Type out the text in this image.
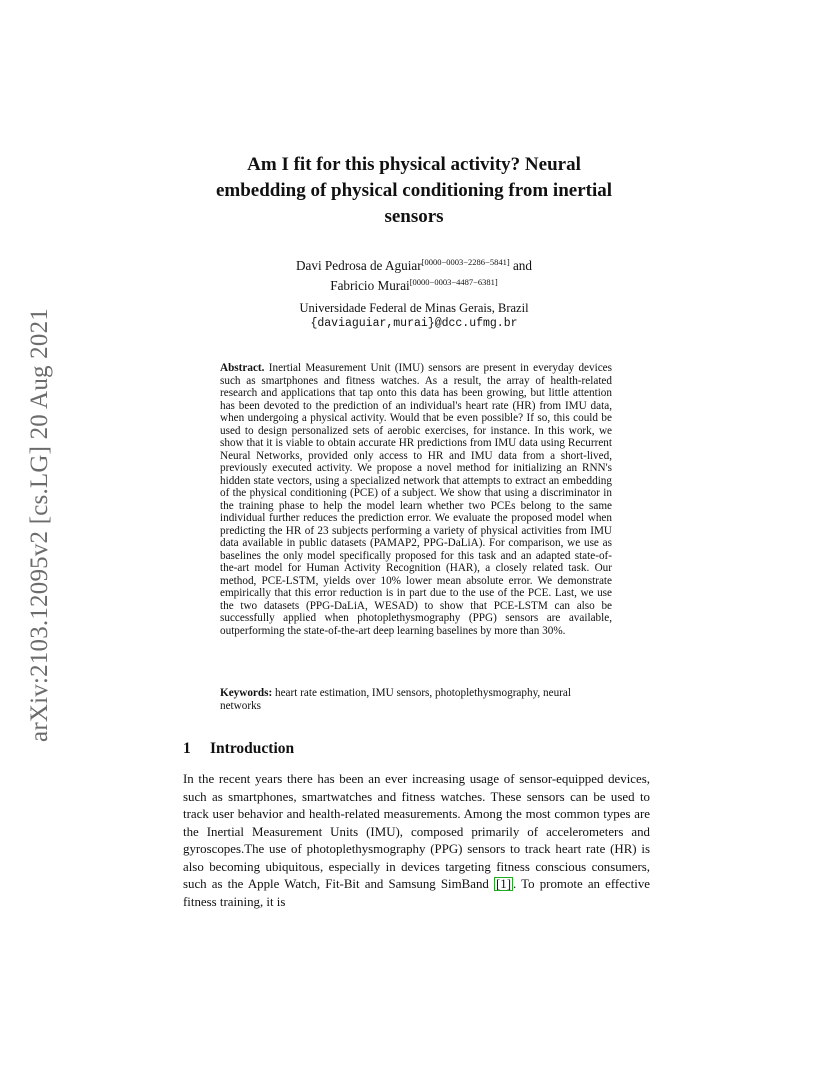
arXiv:2103.12095v2 [cs.LG] 20 Aug 2021
Am I fit for this physical activity? Neural
embedding of physical conditioning from inertial
sensors
Davi Pedrosa de Aguiar[0000−0003−2286−5841] and
Fabricio Murai[0000−0003−4487−6381]
Universidade Federal de Minas Gerais, Brazil
{daviaguiar,murai}@dcc.ufmg.br
Abstract. Inertial Measurement Unit (IMU) sensors are present in everyday devices such as smartphones and fitness watches. As a result, the array of health-related research and applications that tap onto this data has been growing, but little attention has been devoted to the prediction of an individual's heart rate (HR) from IMU data, when undergoing a physical activity. Would that be even possible? If so, this could be used to design personalized sets of aerobic exercises, for instance. In this work, we show that it is viable to obtain accurate HR predictions from IMU data using Recurrent Neural Networks, provided only access to HR and IMU data from a short-lived, previously executed activity. We propose a novel method for initializing an RNN's hidden state vectors, using a specialized network that attempts to extract an embedding of the physical conditioning (PCE) of a subject. We show that using a discriminator in the training phase to help the model learn whether two PCEs belong to the same individual further reduces the prediction error. We evaluate the proposed model when predicting the HR of 23 subjects performing a variety of physical activities from IMU data available in public datasets (PAMAP2, PPG-DaLiA). For comparison, we use as baselines the only model specifically proposed for this task and an adapted state-of-the-art model for Human Activity Recognition (HAR), a closely related task. Our method, PCE-LSTM, yields over 10% lower mean absolute error. We demonstrate empirically that this error reduction is in part due to the use of the PCE. Last, we use the two datasets (PPG-DaLiA, WESAD) to show that PCE-LSTM can also be successfully applied when photoplethysmography (PPG) sensors are available, outperforming the state-of-the-art deep learning baselines by more than 30%.
Keywords: heart rate estimation, IMU sensors, photoplethysmography, neural networks
1 Introduction
In the recent years there has been an ever increasing usage of sensor-equipped devices, such as smartphones, smartwatches and fitness watches. These sensors can be used to track user behavior and health-related measurements. Among the most common types are the Inertial Measurement Units (IMU), composed primarily of accelerometers and gyroscopes.The use of photoplethysmography (PPG) sensors to track heart rate (HR) is also becoming ubiquitous, especially in devices targeting fitness conscious consumers, such as the Apple Watch, Fit-Bit and Samsung SimBand [1] . To promote an effective fitness training, it is
